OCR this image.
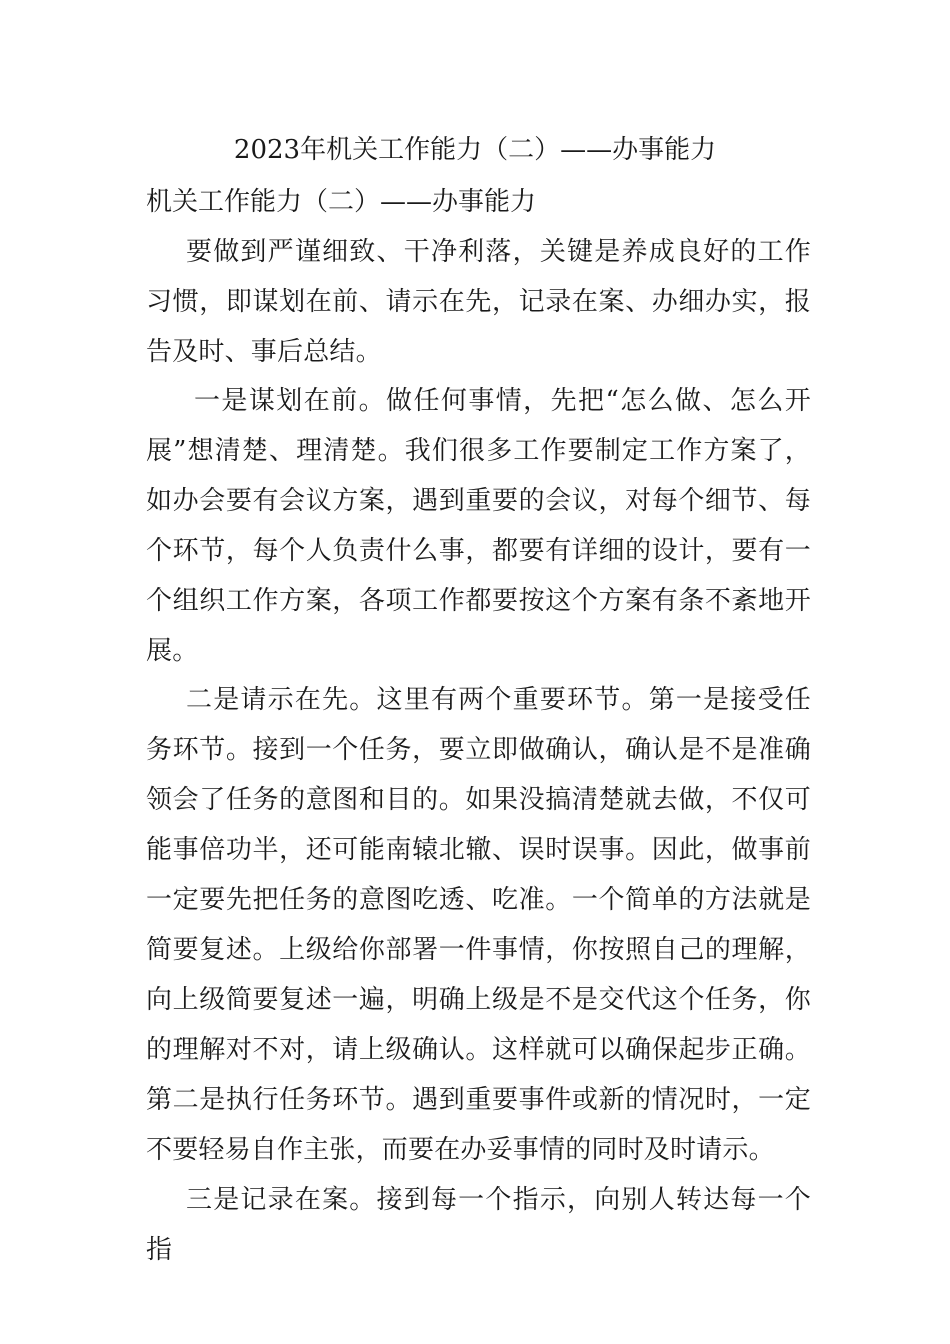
2023年机关工作能力（二）——办事能力
机关工作能力（二）——办事能力

要做到严谨细致、干净利落，关键是养成良好的工作习惯，即谋划在前、请示在先，记录在案、办细办实，报告及时、事后总结。

一是谋划在前。做任何事情，先把“怎么做、怎么开展”想清楚、理清楚。我们很多工作要制定工作方案了，如办会要有会议方案，遇到重要的会议，对每个细节、每个环节，每个人负责什么事，都要有详细的设计，要有一个组织工作方案，各项工作都要按这个方案有条不紊地开展。

二是请示在先。这里有两个重要环节。第一是接受任务环节。接到一个任务，要立即做确认，确认是不是准确领会了任务的意图和目的。如果没搞清楚就去做，不仅可能事倍功半，还可能南辕北辙、误时误事。因此，做事前一定要先把任务的意图吃透、吃准。一个简单的方法就是简要复述。上级给你部署一件事情，你按照自己的理解，向上级简要复述一遍，明确上级是不是交代这个任务，你的理解对不对，请上级确认。这样就可以确保起步正确。第二是执行任务环节。遇到重要事件或新的情况时，一定不要轻易自作主张，而要在办妥事情的同时及时请示。

三是记录在案。接到每一个指示，向别人转达每一个指
